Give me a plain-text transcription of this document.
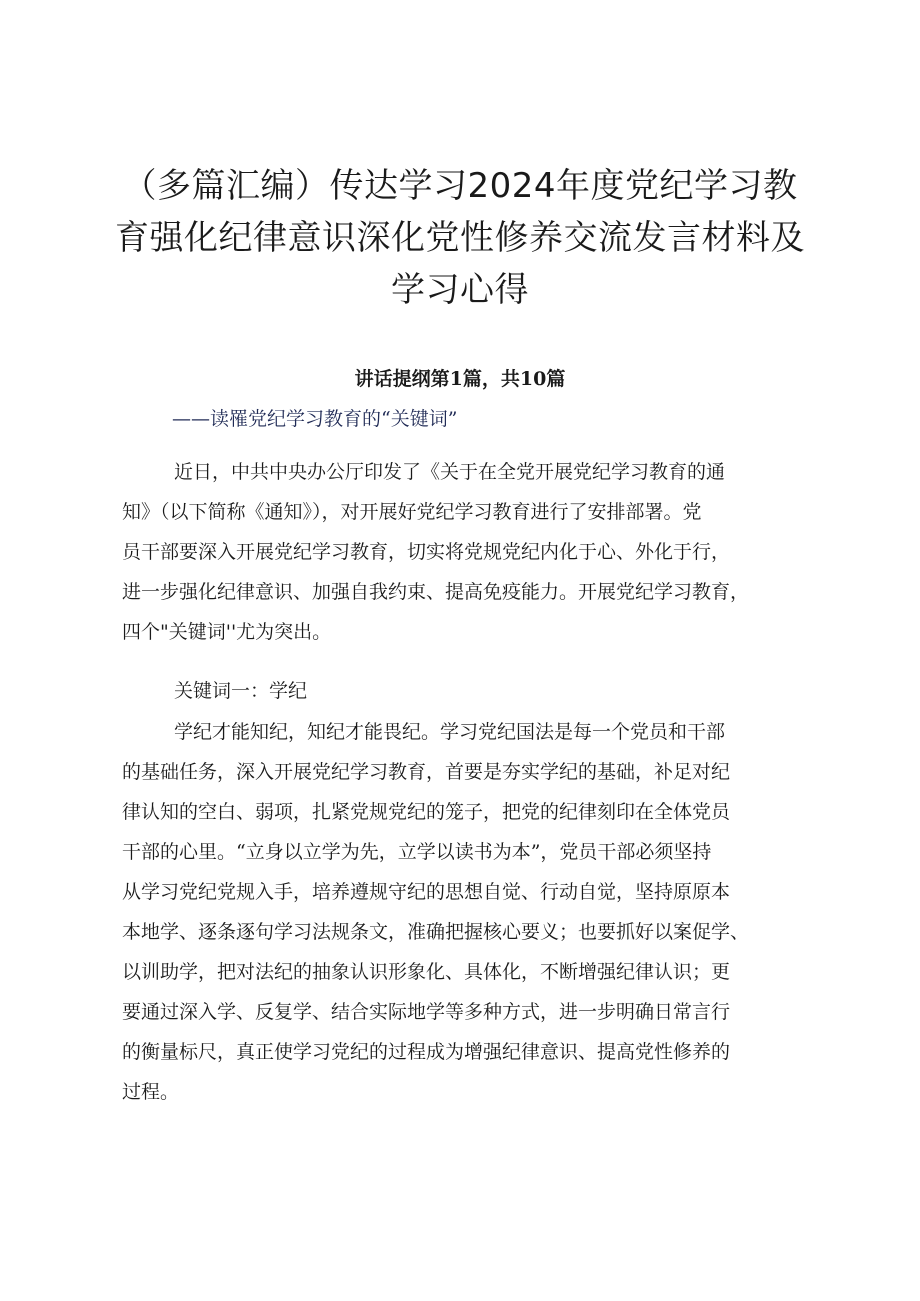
（多篇汇编）传达学习2024年度党纪学习教
育强化纪律意识深化党性修养交流发言材料及
学习心得
讲话提纲第1篇，共10篇
——读罹党纪学习教育的“关键词”
近日，中共中央办公厅印发了《关于在全党开展党纪学习教育的通
知》（以下简称《通知》），对开展好党纪学习教育进行了安排部署。党
员干部要深入开展党纪学习教育，切实将党规党纪内化于心、外化于行，
进一步强化纪律意识、加强自我约束、提高免疫能力。开展党纪学习教育，
四个"关键词''尤为突出。
关键词一：学纪
学纪才能知纪，知纪才能畏纪。学习党纪国法是每一个党员和干部
的基础任务，深入开展党纪学习教育，首要是夯实学纪的基础，补足对纪
律认知的空白、弱项，扎紧党规党纪的笼子，把党的纪律刻印在全体党员
干部的心里。“立身以立学为先，立学以读书为本”，党员干部必须坚持
从学习党纪党规入手，培养遵规守纪的思想自觉、行动自觉，坚持原原本
本地学、逐条逐句学习法规条文，准确把握核心要义；也要抓好以案促学、
以训助学，把对法纪的抽象认识形象化、具体化，不断增强纪律认识；更
要通过深入学、反复学、结合实际地学等多种方式，进一步明确日常言行
的衡量标尺，真正使学习党纪的过程成为增强纪律意识、提高党性修养的
过程。
